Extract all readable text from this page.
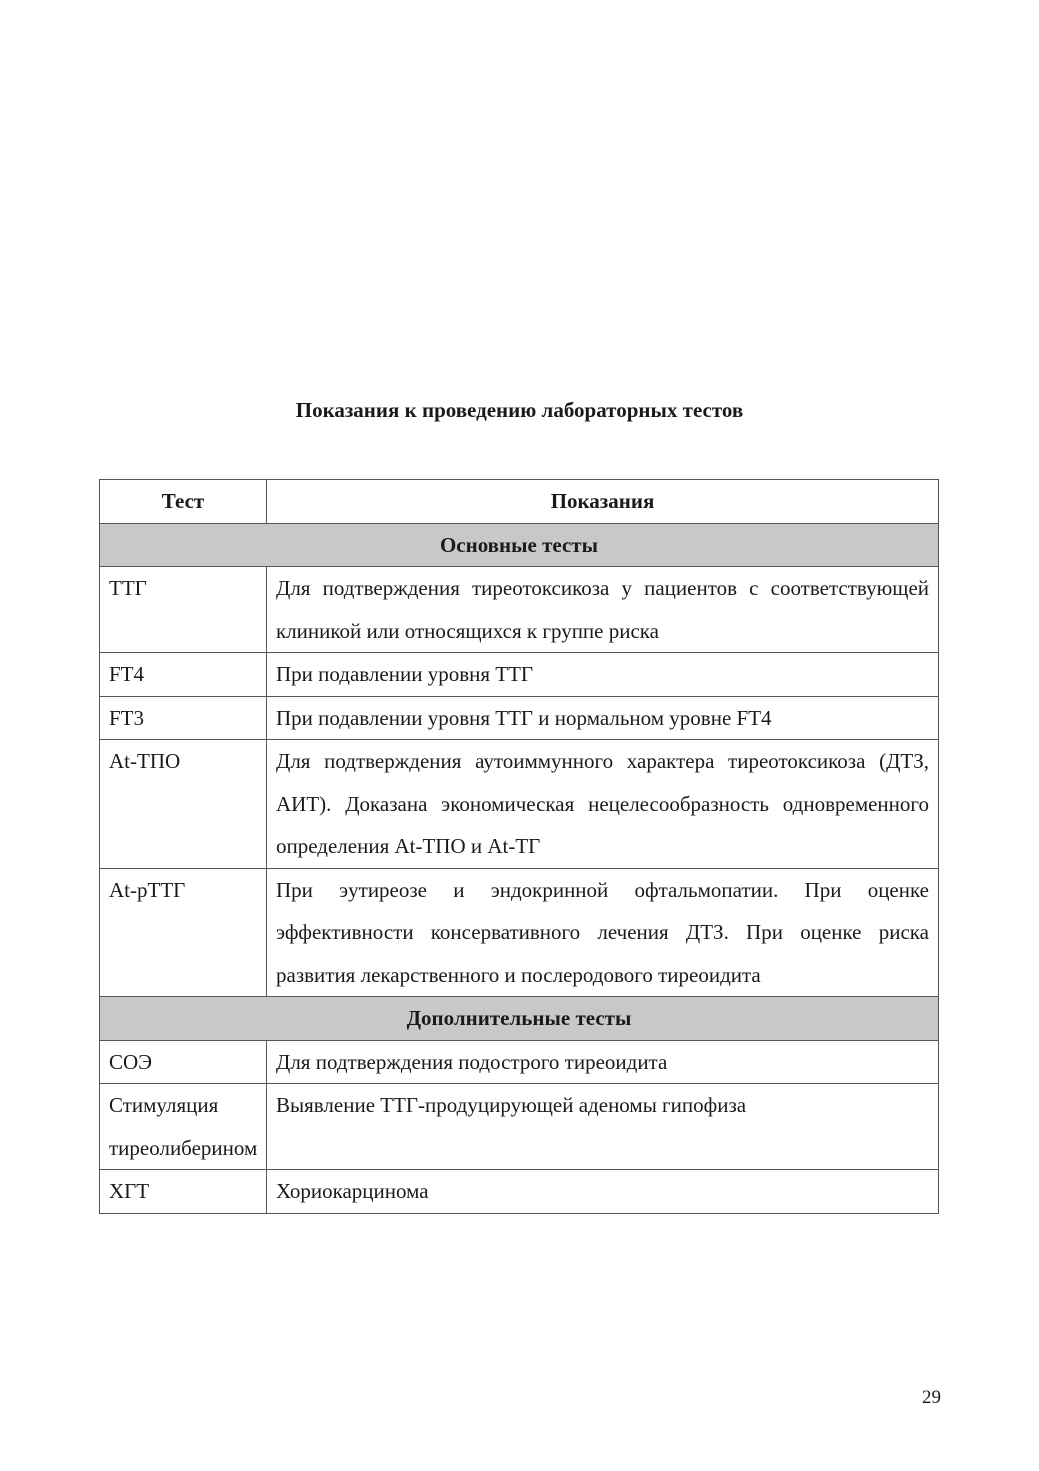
Показания к проведению лабораторных тестов
Тест	Показания
Основные тесты	
ТТГ	Для подтверждения тиреотоксикоза у пациентов с соответствующей клиникой или относящихся к группе риска
FT4	При подавлении уровня ТТГ
FT3	При подавлении уровня ТТГ и нормальном уровне FT4
At-ТПО	Для подтверждения аутоиммунного характера тиреотоксикоза (ДТЗ, АИТ). Доказана экономическая нецелесообразность одновременного определения At-ТПО и At-ТГ
At-рТТГ	При эутиреозе и эндокринной офтальмопатии. При оценке эффективности консервативного лечения ДТЗ. При оценке риска развития лекарственного и послеродового тиреоидита
Дополнительные тесты	
СОЭ	Для подтверждения подострого тиреоидита
Стимуляция тиреолиберином	Выявление ТТГ-продуцирующей аденомы гипофиза
ХГТ	Хориокарцинома
29
